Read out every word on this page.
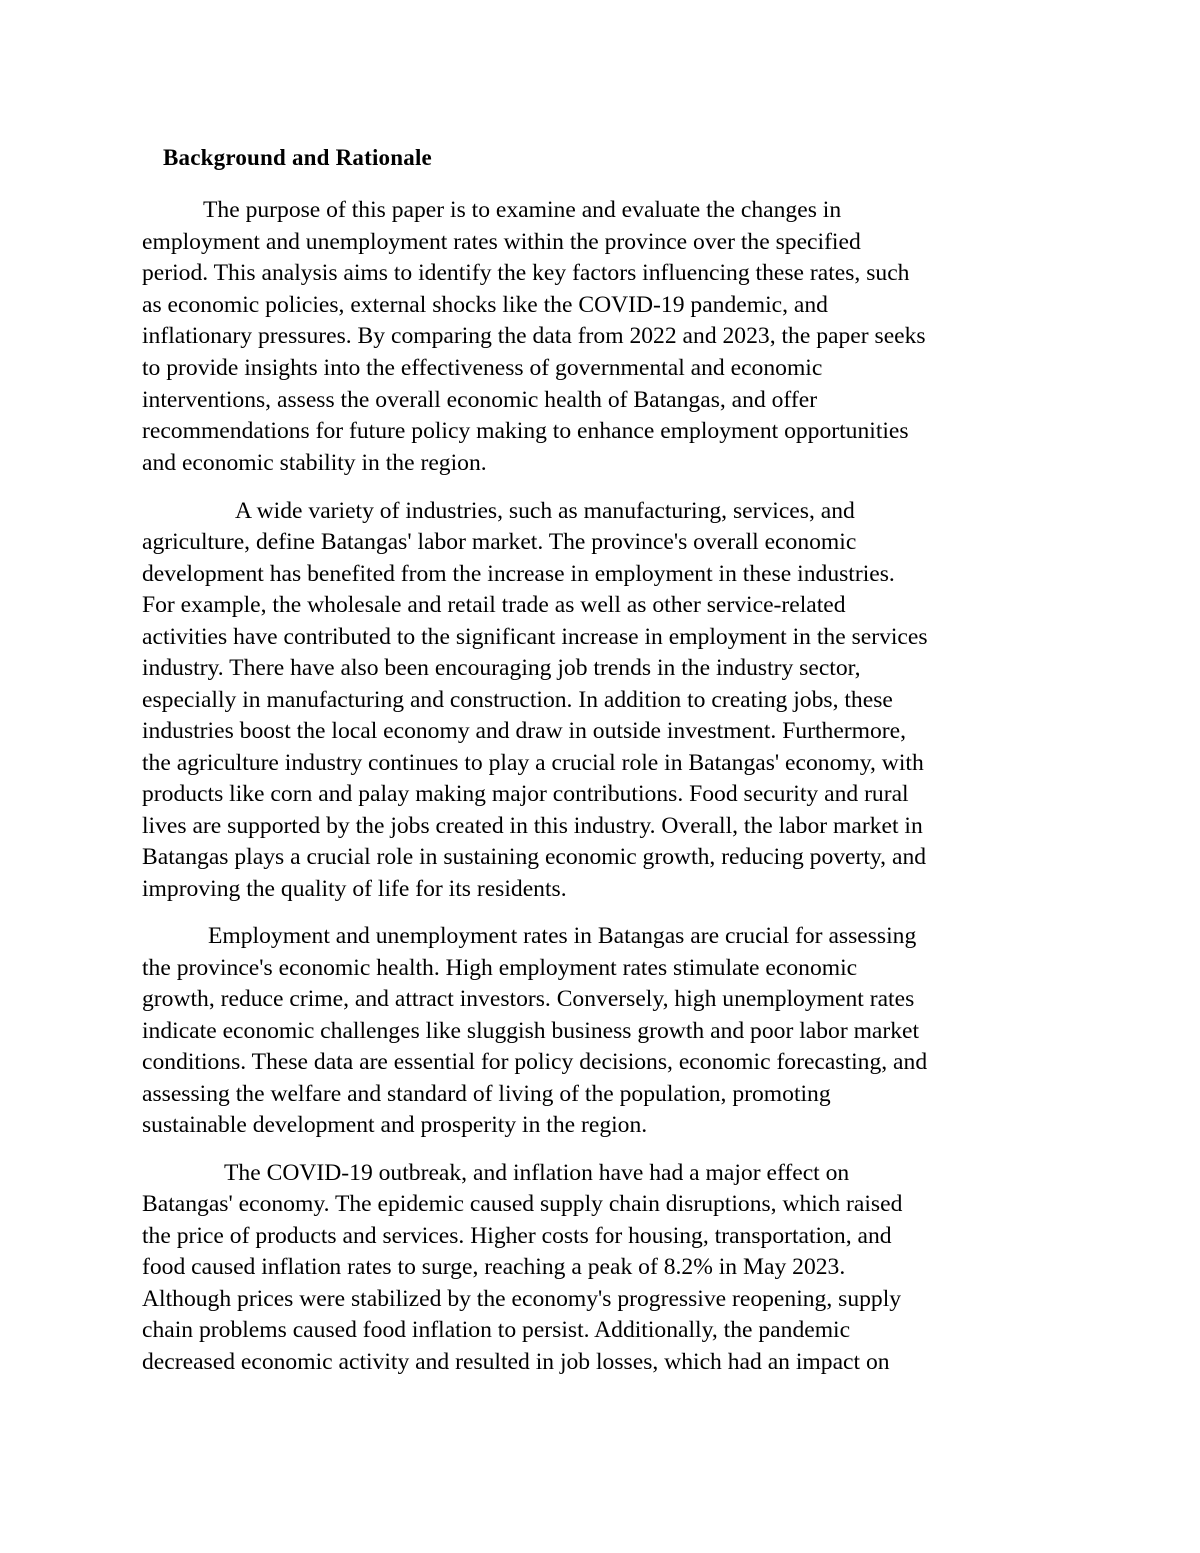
Background and Rationale

The purpose of this paper is to examine and evaluate the changes in

employment and unemployment rates within the province over the specified

period. This analysis aims to identify the key factors influencing these rates, such

as economic policies, external shocks like the COVID-19 pandemic, and

inflationary pressures. By comparing the data from 2022 and 2023, the paper seeks

to provide insights into the effectiveness of governmental and economic

interventions, assess the overall economic health of Batangas, and offer

recommendations for future policy making to enhance employment opportunities

and economic stability in the region.

A wide variety of industries, such as manufacturing, services, and

agriculture, define Batangas' labor market. The province's overall economic

development has benefited from the increase in employment in these industries.

For example, the wholesale and retail trade as well as other service-related

activities have contributed to the significant increase in employment in the services

industry. There have also been encouraging job trends in the industry sector,

especially in manufacturing and construction. In addition to creating jobs, these

industries boost the local economy and draw in outside investment. Furthermore,

the agriculture industry continues to play a crucial role in Batangas' economy, with

products like corn and palay making major contributions. Food security and rural

lives are supported by the jobs created in this industry. Overall, the labor market in

Batangas plays a crucial role in sustaining economic growth, reducing poverty, and

improving the quality of life for its residents.

Employment and unemployment rates in Batangas are crucial for assessing

the province's economic health. High employment rates stimulate economic

growth, reduce crime, and attract investors. Conversely, high unemployment rates

indicate economic challenges like sluggish business growth and poor labor market

conditions. These data are essential for policy decisions, economic forecasting, and

assessing the welfare and standard of living of the population, promoting

sustainable development and prosperity in the region.

The COVID-19 outbreak, and inflation have had a major effect on

Batangas' economy. The epidemic caused supply chain disruptions, which raised

the price of products and services. Higher costs for housing, transportation, and

food caused inflation rates to surge, reaching a peak of 8.2% in May 2023.

Although prices were stabilized by the economy's progressive reopening, supply

chain problems caused food inflation to persist. Additionally, the pandemic

decreased economic activity and resulted in job losses, which had an impact on
